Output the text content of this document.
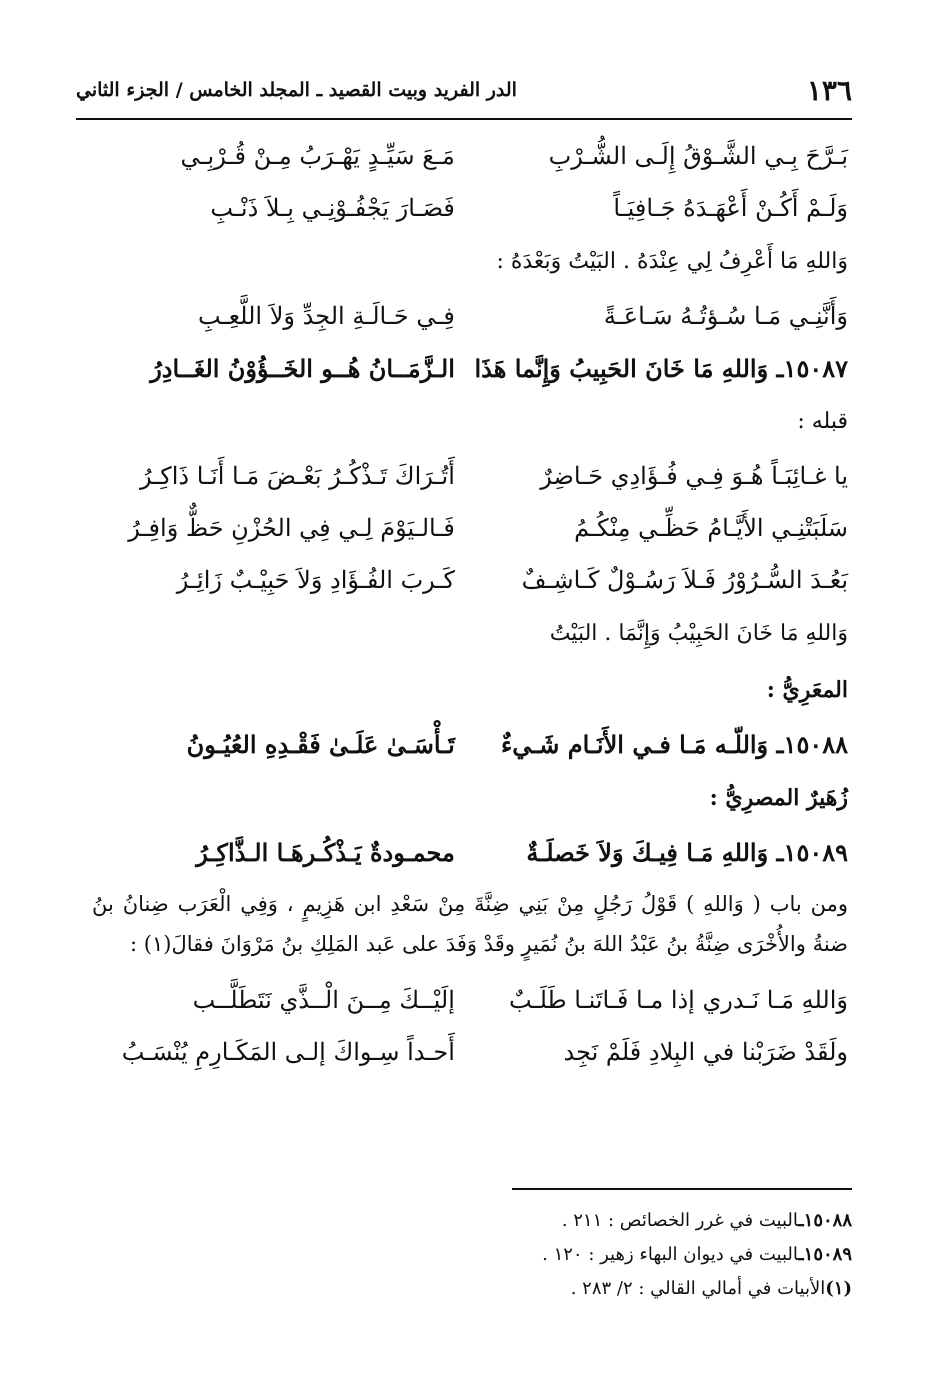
١٣٦
الدر الفريد وبيت القصيد ـ المجلد الخامس / الجزء الثاني
بَـرَّحَ بِـي الشَّـوْقُ إِلَـى الشُّـرْبِ
مَـعَ سَيِّـدٍ يَهْـرَبُ مِـنْ قُـرْبِـي
وَلَـمْ أَكُـنْ أَعْهَـدَهُ جَـافِيَـاً
فَصَـارَ يَجْفُـوْنِـي بِـلاَ ذَنْـبِ
وَاللهِ مَا أَعْرِفُ لِي عِنْدَهُ . البَيْتُ وَبَعْدَهُ :
وَأَنَّنِـي مَـا سُـؤتُـهُ سَـاعَـةً
فِـي حَـالَـةِ الجِدِّ وَلاَ اللَّعِـبِ
١٥٠٨٧ـ وَاللهِ مَا خَانَ الحَبِيبُ وَإِنَّما هَذَا
الـزَّمَــانُ هُــو الخَــؤُوْنُ الغَــادِرُ
قبله :
يا غـائِبَـاً هُـوَ فِـي فُـؤَادِي حَـاضِرٌ
أَتُـرَاكَ تَـذْكُـرُ بَعْـضَ مَـا أَنَـا ذَاكِـرُ
سَلَبَتْنِـي الأَيَّـامُ حَظِّـي مِنْكُـمُ
فَـالـيَوْمَ لِـي فِي الحُزْنِ حَظٌّ وَافِـرُ
بَعُـدَ السُّـرُوْرُ فَـلاَ رَسُـوْلٌ كَـاشِـفٌ
كَـربَ الفُـؤَادِ وَلاَ حَبِيْـبٌ زَائِـرُ
وَاللهِ مَا خَانَ الحَبِيْبُ وَإِنَّمَا . البَيْتُ
المعَرِيُّ :
١٥٠٨٨ـ وَاللّـه مَـا فـي الأَنَـام شَـيءٌ
تَـأْسَـىٰ عَلَـىٰ فَقْـدِهِ العُيُـونُ
زُهَيرٌ المصرِيُّ :
١٥٠٨٩ـ وَاللهِ مَـا فِيـكَ وَلاَ خَصلَـةٌ
محمـودةٌ يَـذْكُـرهَـا الـذَّاكِـرُ
ومن باب ( وَاللهِ ) قَوْلُ رَجُلٍ مِنْ بَنِي ضِنَّةَ مِنْ سَعْدِ ابن هَزِيمٍ ، وَفِي الْعَرَب ضِنانُ بنُ ضنةُ والأُخْرَى ضِنَّةُ بنُ عَبْدُ اللهَ بنُ نُمَيرٍ وقَدْ وَفَدَ على عَبد المَلِكِ بنُ مَرْوَانَ فقالَ(١) :
وَاللهِ مَـا نَـدري إذا مـا فَـاتَنـا طَلَـبٌ
إلَيْــكَ مِــنَ الْــذَّي نَتَطَلَّــب
ولَقَدْ ضَرَبْنا في البِلادِ فَلَمْ نَجِد
أَحـداً سِـواكَ إلـى المَكَـارِمِ يُنْسَـبُ
١٥٠٨٨ـالبيت في غرر الخصائص : ٢١١ .
١٥٠٨٩ـالبيت في ديوان البهاء زهير : ١٢٠ .
(١)الأبيات في أمالي القالي : ٢/ ٢٨٣ .
